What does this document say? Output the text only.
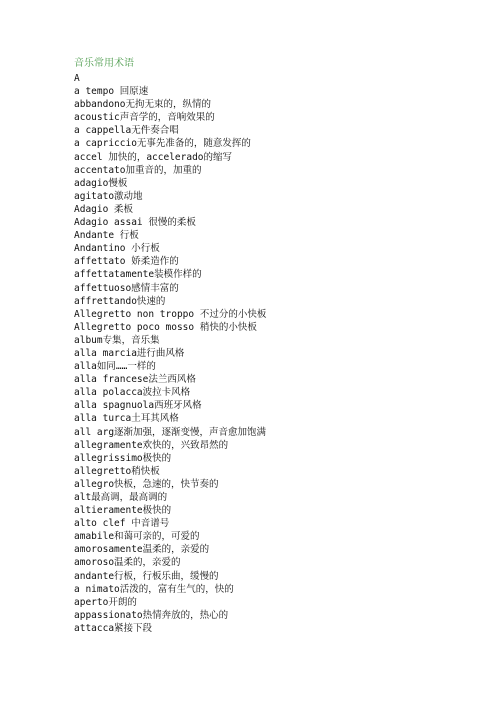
音乐常用术语
A
a tempo 回原速
abbandono无拘无束的，纵情的
acoustic声音学的，音响效果的
a cappella无件奏合唱
a capriccio无事先准备的，随意发挥的
accel 加快的，accelerado的缩写
accentato加重音的，加重的
adagio慢板
agitato激动地
Adagio 柔板
Adagio assai 很慢的柔板
Andante 行板
Andantino 小行板
affettato 娇柔造作的
affettatamente装模作样的
affettuoso感情丰富的
affrettando快速的
Allegretto non troppo 不过分的小快板
Allegretto poco mosso 稍快的小快板
album专集，音乐集
alla marcia进行曲风格
alla如同……一样的
alla francese法兰西风格
alla polacca波拉卡风格
alla spagnuola西班牙风格
alla turca土耳其风格
all arg逐渐加强，逐渐变慢，声音愈加饱满
allegramente欢快的，兴致昂然的
allegrissimo极快的
allegretto稍快板
allegro快板，急速的，快节奏的
alt最高调，最高调的
altieramente极快的
alto clef 中音谱号
amabile和蔼可亲的，可爱的
amorosamente温柔的，亲爱的
amoroso温柔的，亲爱的
andante行板，行板乐曲，缓慢的
a nimato活泼的，富有生气的，快的
aperto开朗的
appassionato热情奔放的，热心的
attacca紧接下段
